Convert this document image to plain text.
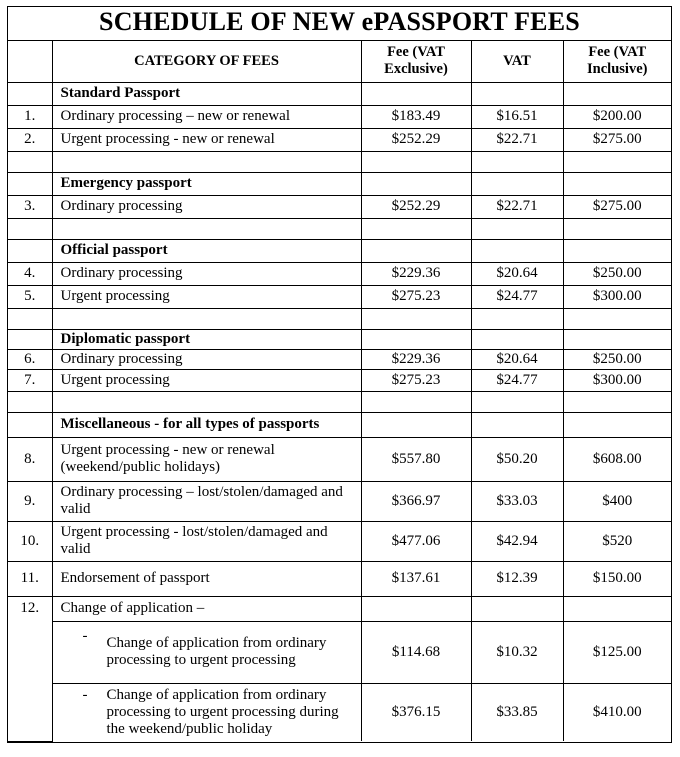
SCHEDULE OF NEW ePASSPORT FEES
	CATEGORY OF FEES	Fee (VAT Exclusive)	VAT	Fee (VAT Inclusive)
	Standard Passport			
1.	Ordinary processing – new or renewal	$183.49	$16.51	$200.00
2.	Urgent processing - new or renewal	$252.29	$22.71	$275.00

	Emergency passport			
3.	Ordinary processing	$252.29	$22.71	$275.00

	Official passport			
4.	Ordinary processing	$229.36	$20.64	$250.00
5.	Urgent processing	$275.23	$24.77	$300.00

	Diplomatic passport			
6.	Ordinary processing	$229.36	$20.64	$250.00
7.	Urgent processing	$275.23	$24.77	$300.00

	Miscellaneous - for all types of passports			
8.	Urgent processing - new or renewal (weekend/public holidays)	$557.80	$50.20	$608.00
9.	Ordinary processing – lost/stolen/damaged and valid	$366.97	$33.03	$400
10.	Urgent processing - lost/stolen/damaged and valid	$477.06	$42.94	$520
11.	Endorsement of passport	$137.61	$12.39	$150.00
12.	Change of application –			

	- Change of application from ordinary processing to urgent processing	$114.68	$10.32	$125.00

	- Change of application from ordinary processing to urgent processing during the weekend/public holiday	$376.15	$33.85	$410.00
